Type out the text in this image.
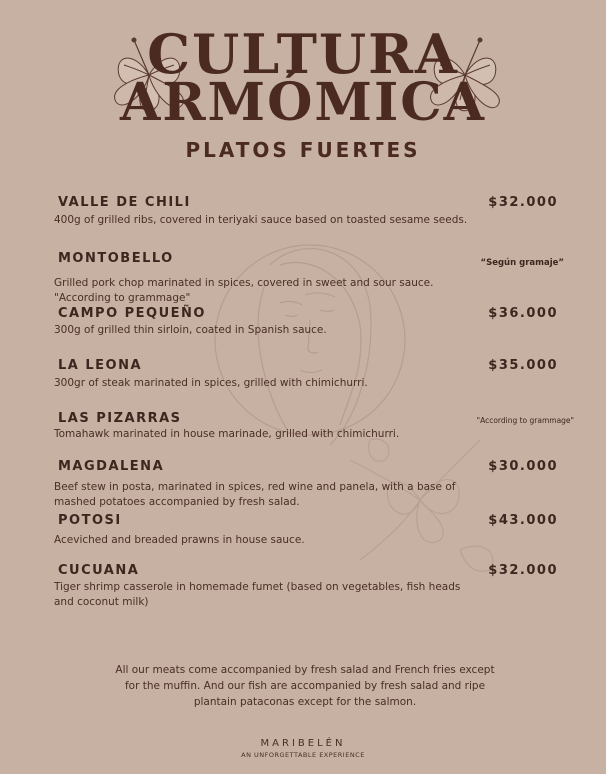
CULTURA
ARMÓMICA
PLATOS FUERTES
VALLE DE CHILI	$32.000
400g of grilled ribs, covered in teriyaki sauce based on toasted sesame seeds.
MONTOBELLO	“Según gramaje”
Grilled pork chop marinated in spices, covered in sweet and sour sauce. "According to grammage"
CAMPO PEQUEÑO	$36.000
300g of grilled thin sirloin, coated in Spanish sauce.
LA LEONA	$35.000
300gr of steak marinated in spices, grilled with chimichurri.
LAS PIZARRAS	"According to grammage"
Tomahawk marinated in house marinade, grilled with chimichurri.
MAGDALENA	$30.000
Beef stew in posta, marinated in spices, red wine and panela, with a base of mashed potatoes accompanied by fresh salad.
POTOSI	$43.000
Aceviched and breaded prawns in house sauce.
CUCUANA	$32.000
Tiger shrimp casserole in homemade fumet (based on vegetables, fish heads and coconut milk)

All our meats come accompanied by fresh salad and French fries except for the muffin. And our fish are accompanied by fresh salad and ripe plantain pataconas except for the salmon.

MARIBELÉN

AN UNFORGETTABLE EXPERIENCE
